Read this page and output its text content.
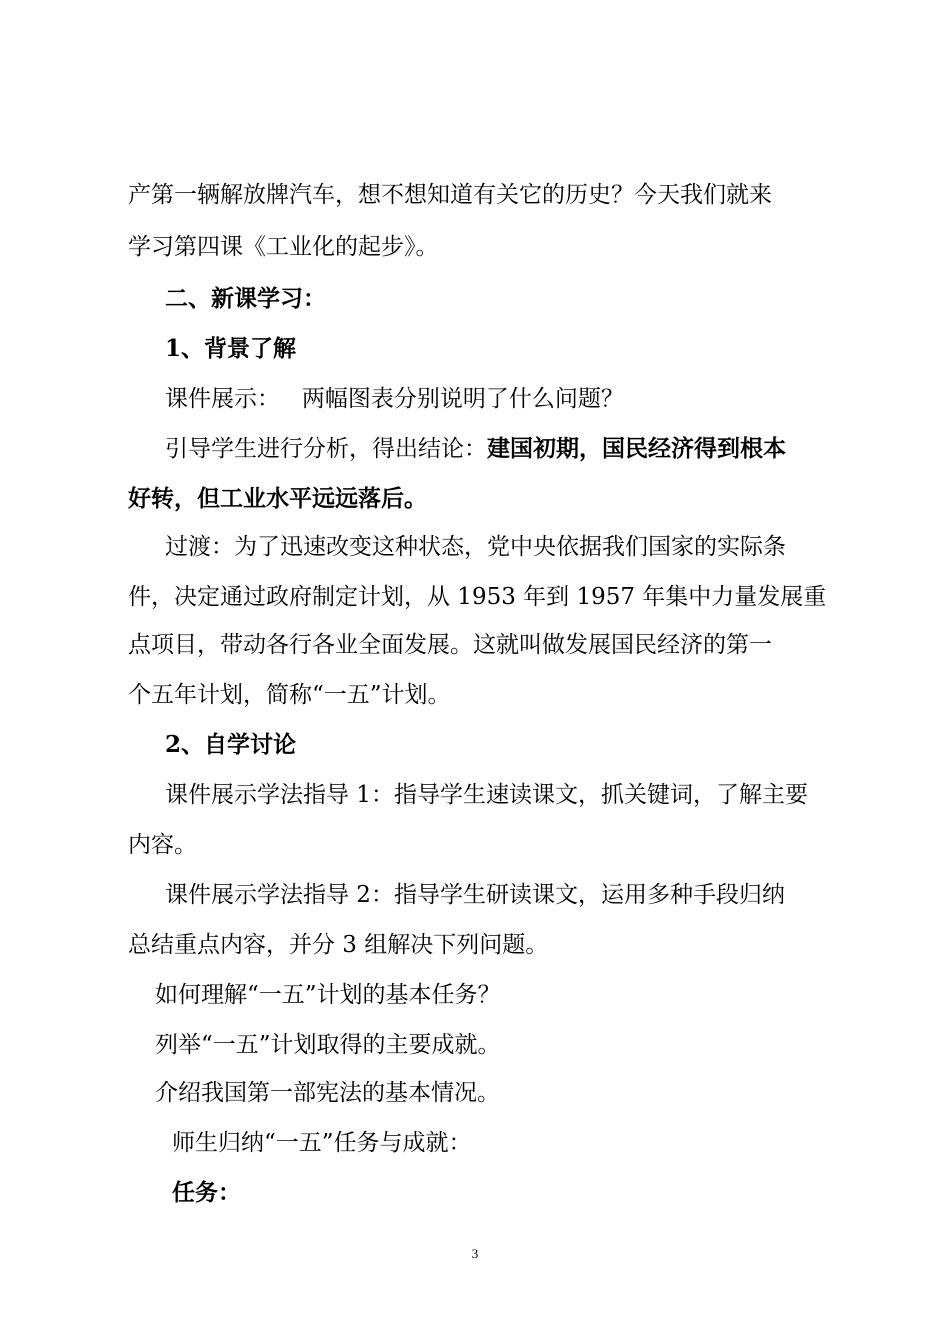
产第一辆解放牌汽车，想不想知道有关它的历史？今天我们就来
学习第四课《工业化的起步》。
二、新课学习：
1、背景了解
课件展示：   两幅图表分别说明了什么问题？
引导学生进行分析，得出结论：建国初期，国民经济得到根本
好转，但工业水平远远落后。
过渡：为了迅速改变这种状态，党中央依据我们国家的实际条
件，决定通过政府制定计划，从 1953 年到 1957 年集中力量发展重
点项目，带动各行各业全面发展。这就叫做发展国民经济的第一
个五年计划，简称“一五”计划。
2、自学讨论
课件展示学法指导 1：指导学生速读课文，抓关键词，了解主要
内容。
课件展示学法指导 2：指导学生研读课文，运用多种手段归纳
总结重点内容，并分 3 组解决下列问题。
如何理解“一五”计划的基本任务？
列举“一五”计划取得的主要成就。
介绍我国第一部宪法的基本情况。
师生归纳“一五”任务与成就：
任务：
3
